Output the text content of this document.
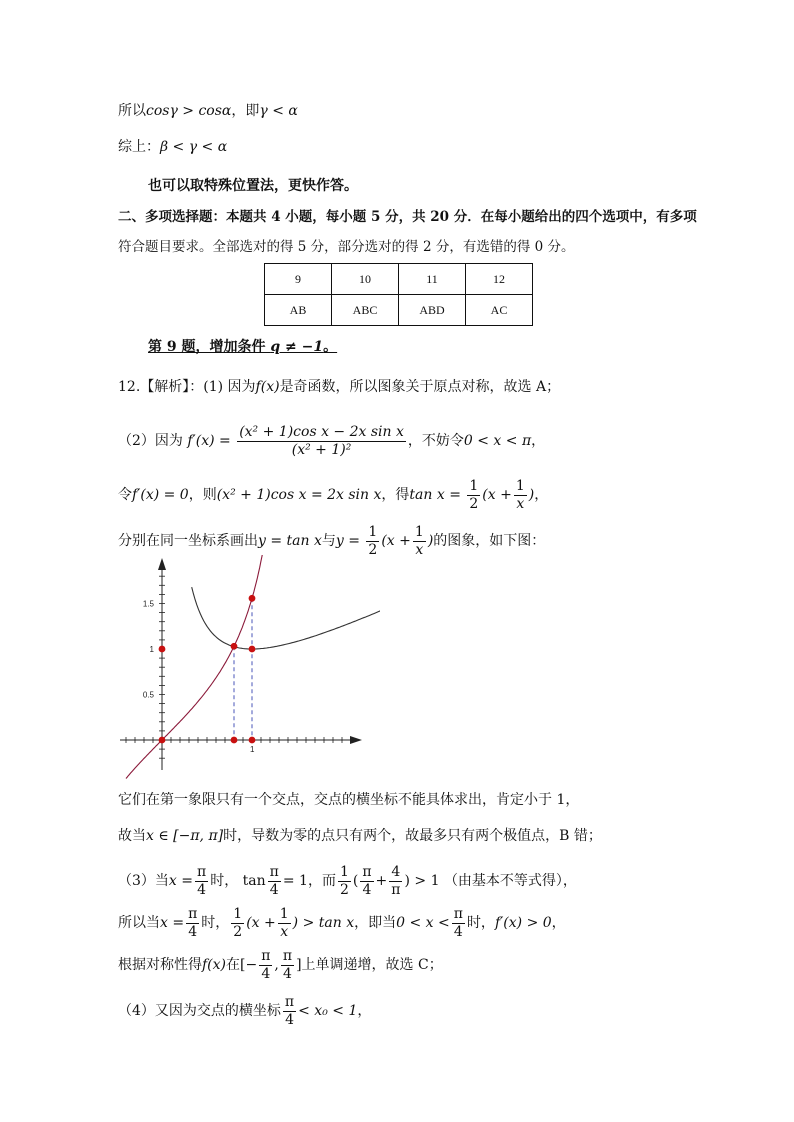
所以cosγ > cosα，即γ < α
综上：β < γ < α
也可以取特殊位置法，更快作答。
二、多项选择题：本题共 4 小题，每小题 5 分，共 20 分．在每小题给出的四个选项中，有多项
符合题目要求。全部选对的得 5 分，部分选对的得 2 分，有选错的得 0 分。
9	10	11	12
AB	ABC	ABD	AC
第 9 题，增加条件 q ≠ −1。
12.【解析】：(1) 因为f(x)是奇函数，所以图象关于原点对称，故选 A；
（2）因为 $f'(x) = \frac{\text{(x² + 1)cos x − 2x sin x}}{\text{(x² + 1)²}}$ ，不妨令0 < x < π，
令f′(x) = 0，则(x² + 1)cos x = 2x sin x，得$\tan x = \frac{1}{2} (x + \frac{1}{x}$ )，
分别在同一坐标系画出y = tan x与$y = \frac{1}{2} (x + \frac{1}{x}$ )的图象，如下图：
0.5
1
1.5
1
它们在第一象限只有一个交点，交点的横坐标不能具体求出，肯定小于 1，
故当x ∈ [−π, π]时，导数为零的点只有两个，故最多只有两个极值点，B 错；
（3）当$x = \frac{\pi}{4}$ 时， $\tan \frac{\pi}{4} = 1$，而 $\frac{1}{2}$ ( $\frac{\pi}{4} + \frac{4}{\pi}$ ) > 1 （由基本不等式得），
所以当$x = \frac{\pi}{4}$ 时， $\frac{1}{2} (x + \frac{1}{x}$ ) > tan x，即当$0 < x < \frac{\pi}{4}$ 时，f′(x) > 0，
根据对称性得f(x)在[− $\frac{\pi}{4}$ , $\frac{\pi}{4}$ ]上单调递增，故选 C；
（4）又因为交点的横坐标 $\frac{\pi}{4} < x_0 < 1$，
